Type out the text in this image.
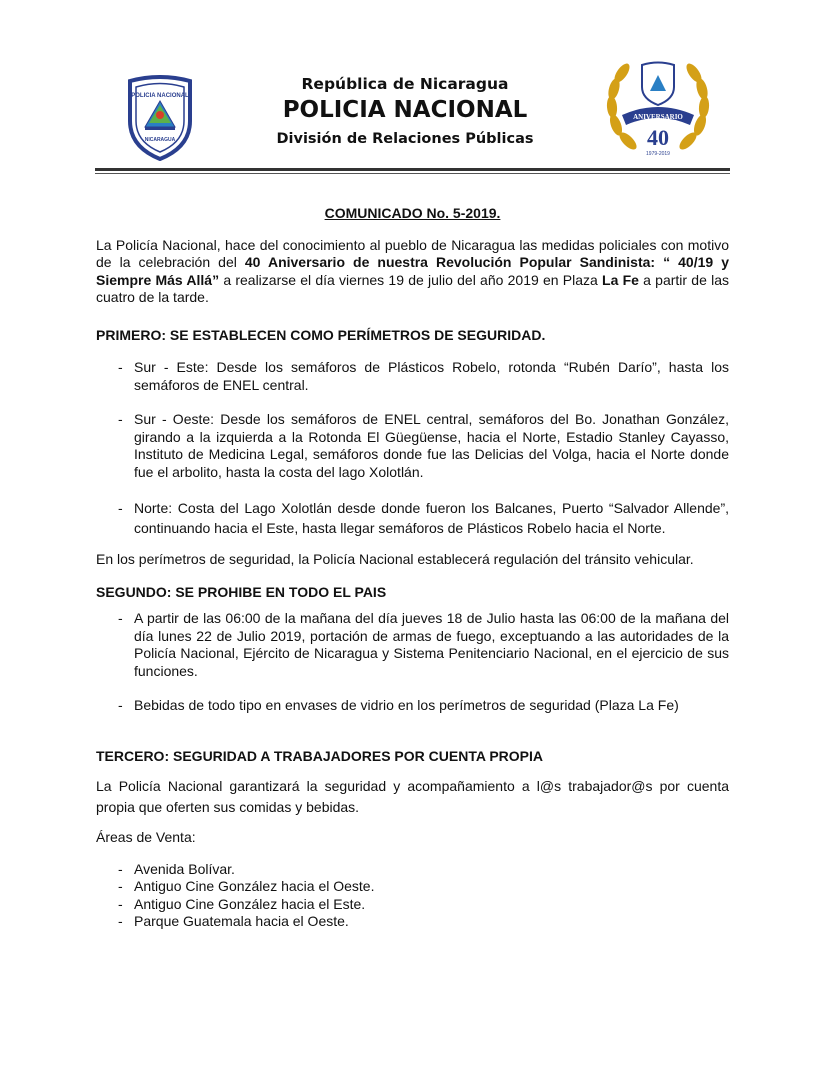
POLICIA NACIONAL
NICARAGUA

República de Nicaragua

POLICIA NACIONAL

División de Relaciones Públicas

ANIVERSARIO
40
1979-2019

COMUNICADO No. 5-2019.

La Policía Nacional, hace del conocimiento al pueblo de Nicaragua las medidas policiales con motivo de la celebración del 40 Aniversario de nuestra Revolución Popular Sandinista: “ 40/19 y Siempre Más Allá” a realizarse el día viernes 19 de julio del año 2019 en Plaza La Fe a partir de las cuatro de la tarde.

PRIMERO: SE ESTABLECEN COMO PERÍMETROS DE SEGURIDAD.

- Sur - Este: Desde los semáforos de Plásticos Robelo, rotonda “Rubén Darío”, hasta los semáforos de ENEL central.
- Sur - Oeste: Desde los semáforos de ENEL central, semáforos del Bo. Jonathan González, girando a la izquierda a la Rotonda El Güegüense, hacia el Norte, Estadio Stanley Cayasso, Instituto de Medicina Legal, semáforos donde fue las Delicias del Volga, hacia el Norte donde fue el arbolito, hasta la costa del lago Xolotlán.
- Norte: Costa del Lago Xolotlán desde donde fueron los Balcanes, Puerto “Salvador Allende”, continuando hacia el Este, hasta llegar semáforos de Plásticos Robelo hacia el Norte.

En los perímetros de seguridad, la Policía Nacional establecerá regulación del tránsito vehicular.

SEGUNDO: SE PROHIBE EN TODO EL PAIS

- A partir de las 06:00 de la mañana del día jueves 18 de Julio hasta las 06:00 de la mañana del día lunes 22 de Julio 2019, portación de armas de fuego, exceptuando a las autoridades de la Policía Nacional, Ejército de Nicaragua y Sistema Penitenciario Nacional, en el ejercicio de sus funciones.
- Bebidas de todo tipo en envases de vidrio en los perímetros de seguridad (Plaza La Fe)

TERCERO: SEGURIDAD A TRABAJADORES POR CUENTA PROPIA

La Policía Nacional garantizará la seguridad y acompañamiento a l@s trabajador@s por cuenta propia que oferten sus comidas y bebidas.

Áreas de Venta:

- Avenida Bolívar.
- Antiguo Cine González hacia el Oeste.
- Antiguo Cine González hacia el Este.
- Parque Guatemala hacia el Oeste.
